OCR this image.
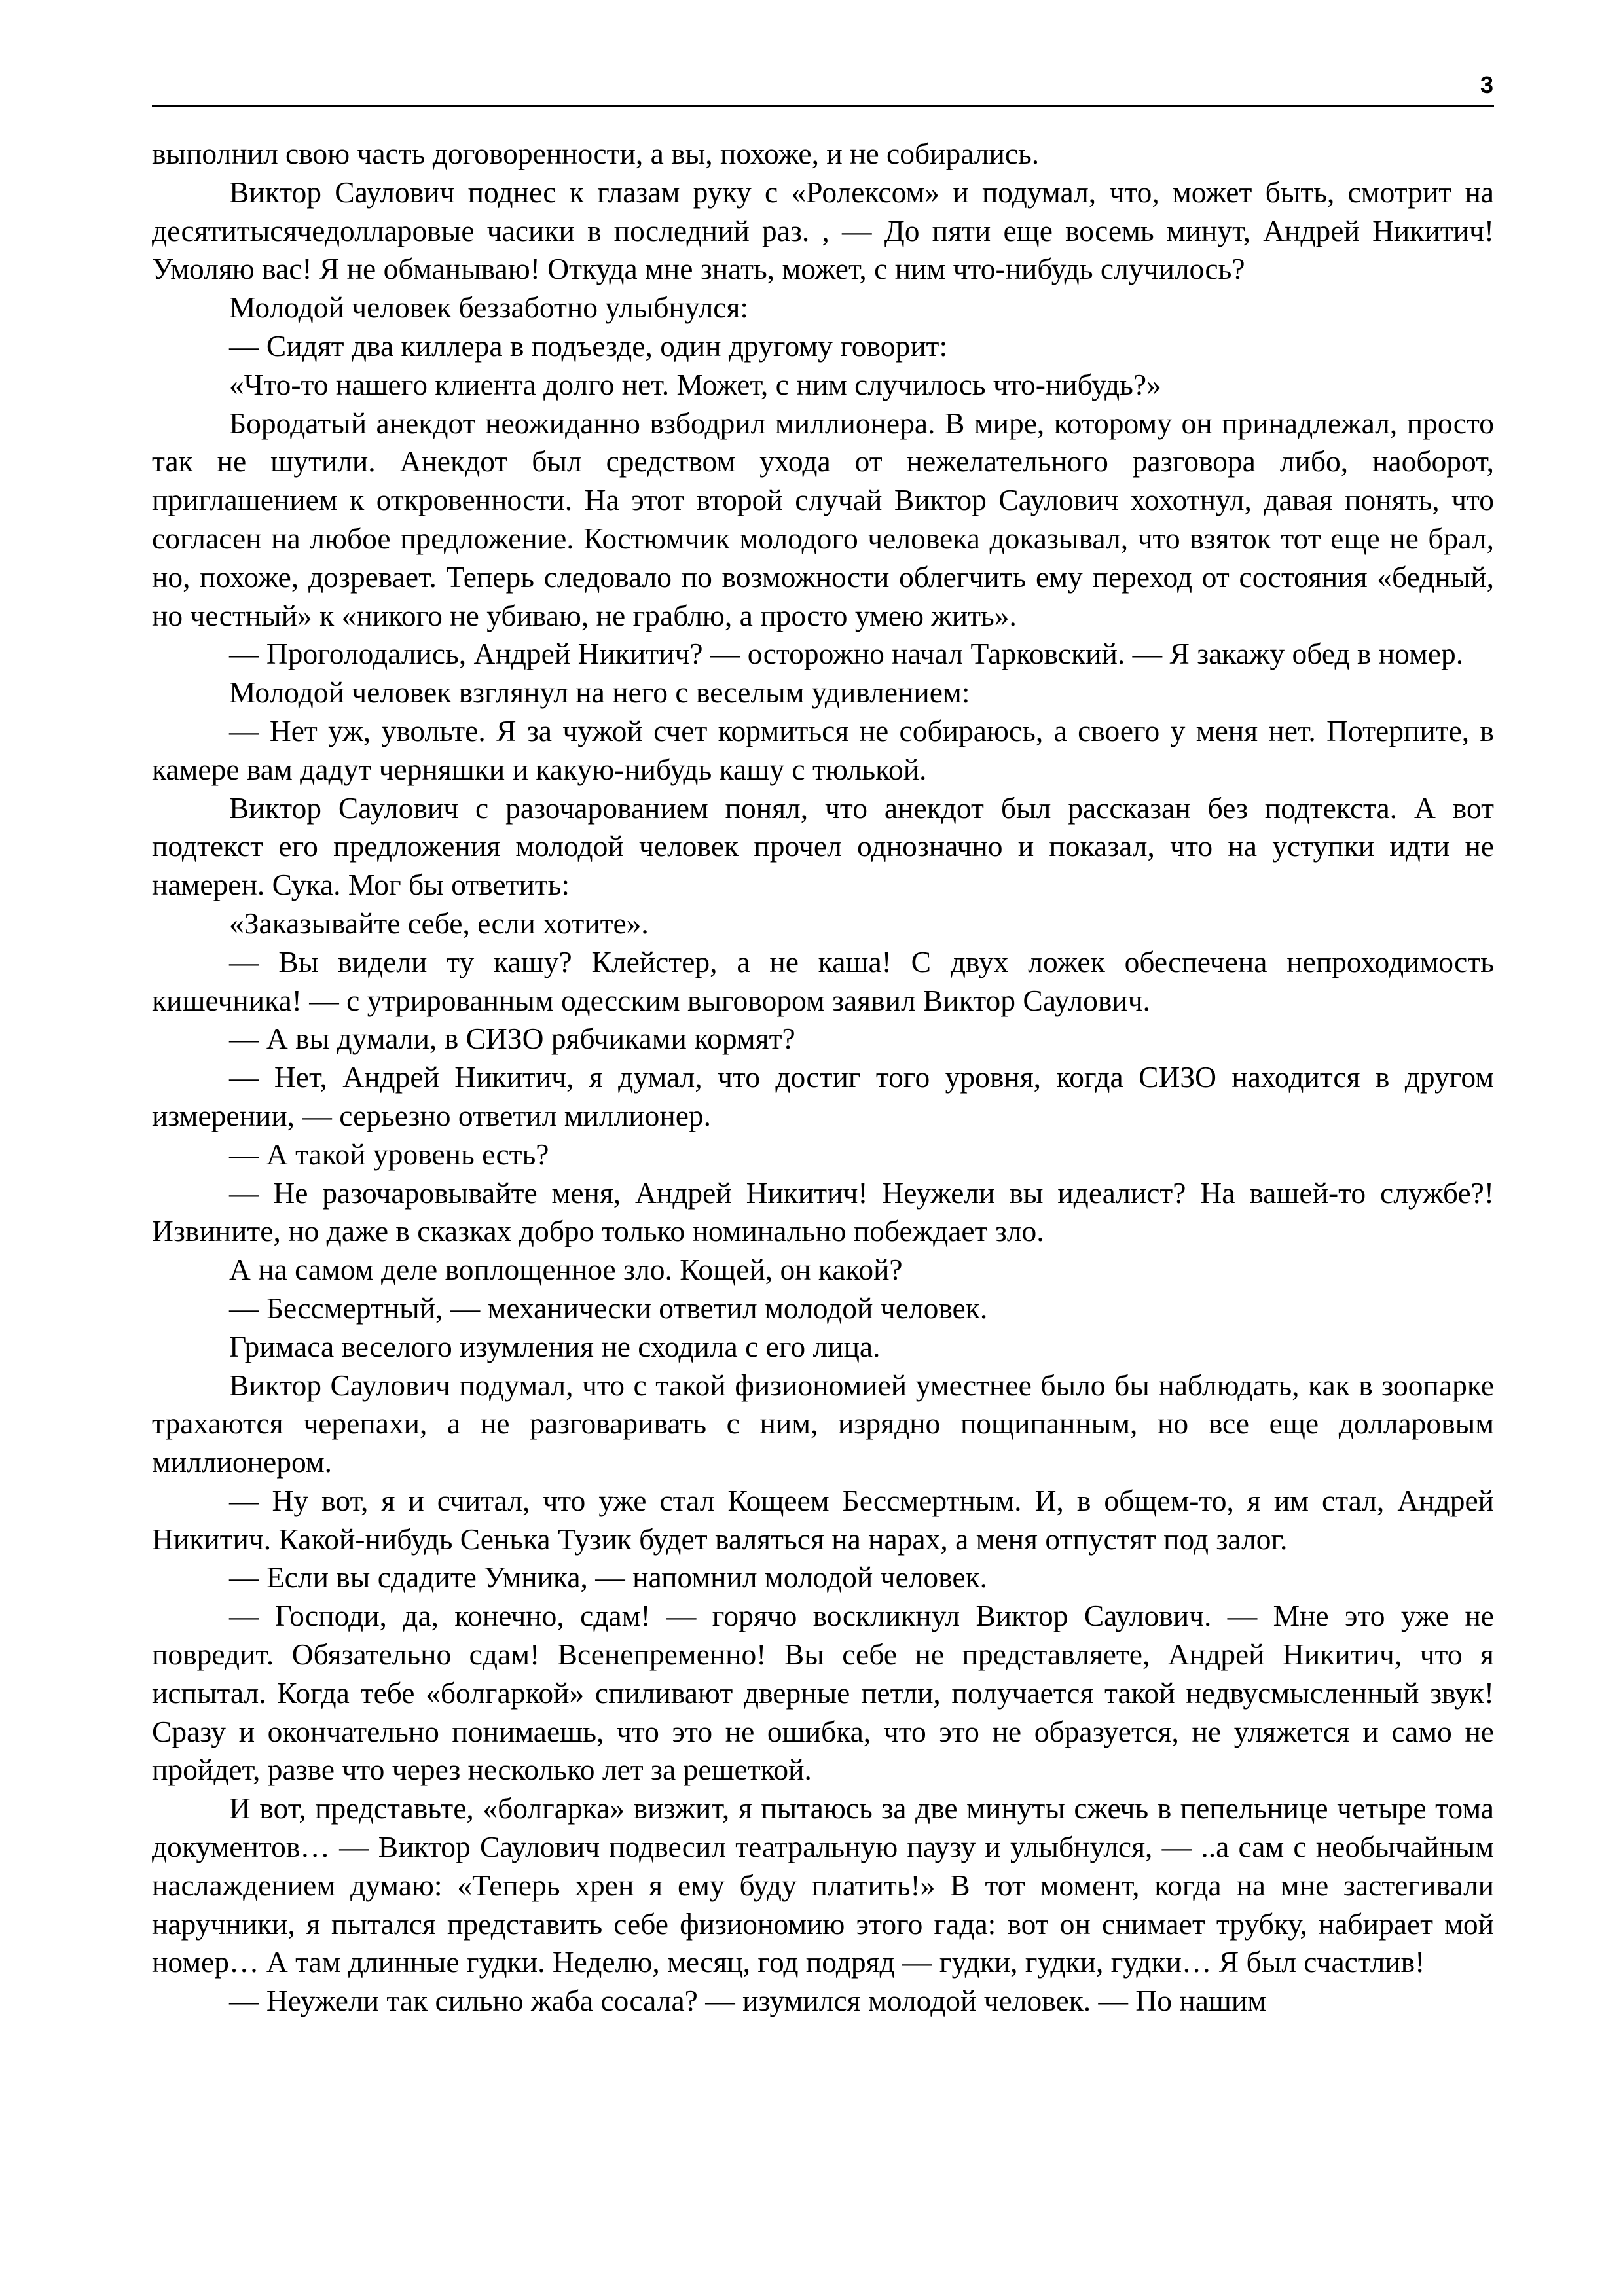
3

выполнил свою часть договоренности, а вы, похоже, и не собирались.

Виктор Саулович поднес к глазам руку с «Ролексом» и подумал, что, может быть, смотрит на десятитысячедолларовые часики в последний раз. , — До пяти еще восемь минут, Андрей Никитич! Умоляю вас! Я не обманываю! Откуда мне знать, может, с ним что-нибудь случилось?

Молодой человек беззаботно улыбнулся:

— Сидят два киллера в подъезде, один другому говорит:

«Что-то нашего клиента долго нет. Может, с ним случилось что-нибудь?»

Бородатый анекдот неожиданно взбодрил миллионера. В мире, которому он принадлежал, просто так не шутили. Анекдот был средством ухода от нежелательного разговора либо, наоборот, приглашением к откровенности. На этот второй случай Виктор Саулович хохотнул, давая понять, что согласен на любое предложение. Костюмчик молодого человека доказывал, что взяток тот еще не брал, но, похоже, дозревает. Теперь следовало по возможности облегчить ему переход от состояния «бедный, но честный» к «никого не убиваю, не граблю, а просто умею жить».

— Проголодались, Андрей Никитич? — осторожно начал Тарковский. — Я закажу обед в номер.

Молодой человек взглянул на него с веселым удивлением:

— Нет уж, увольте. Я за чужой счет кормиться не собираюсь, а своего у меня нет. Потерпите, в камере вам дадут черняшки и какую-нибудь кашу с тюлькой.

Виктор Саулович с разочарованием понял, что анекдот был рассказан без подтекста. А вот подтекст его предложения молодой человек прочел однозначно и показал, что на уступки идти не намерен. Сука. Мог бы ответить:

«Заказывайте себе, если хотите».

— Вы видели ту кашу? Клейстер, а не каша! С двух ложек обеспечена непроходимость кишечника! — с утрированным одесским выговором заявил Виктор Саулович.

— А вы думали, в СИЗО рябчиками кормят?

— Нет, Андрей Никитич, я думал, что достиг того уровня, когда СИЗО находится в другом измерении, — серьезно ответил миллионер.

— А такой уровень есть?

— Не разочаровывайте меня, Андрей Никитич! Неужели вы идеалист? На вашей-то службе?! Извините, но даже в сказках добро только номинально побеждает зло.

А на самом деле воплощенное зло. Кощей, он какой?

— Бессмертный, — механически ответил молодой человек.

Гримаса веселого изумления не сходила с его лица.

Виктор Саулович подумал, что с такой физиономией уместнее было бы наблюдать, как в зоопарке трахаются черепахи, а не разговаривать с ним, изрядно пощипанным, но все еще долларовым миллионером.

— Ну вот, я и считал, что уже стал Кощеем Бессмертным. И, в общем-то, я им стал, Андрей Никитич. Какой-нибудь Сенька Тузик будет валяться на нарах, а меня отпустят под залог.

— Если вы сдадите Умника, — напомнил молодой человек.

— Господи, да, конечно, сдам! — горячо воскликнул Виктор Саулович. — Мне это уже не повредит. Обязательно сдам! Всенепременно! Вы себе не представляете, Андрей Никитич, что я испытал. Когда тебе «болгаркой» спиливают дверные петли, получается такой недвусмысленный звук! Сразу и окончательно понимаешь, что это не ошибка, что это не образуется, не уляжется и само не пройдет, разве что через несколько лет за решеткой.

И вот, представьте, «болгарка» визжит, я пытаюсь за две минуты сжечь в пепельнице четыре тома документов… — Виктор Саулович подвесил театральную паузу и улыбнулся, — ..а сам с необычайным наслаждением думаю: «Теперь хрен я ему буду платить!» В тот момент, когда на мне застегивали наручники, я пытался представить себе физиономию этого гада: вот он снимает трубку, набирает мой номер… А там длинные гудки. Неделю, месяц, год подряд — гудки, гудки, гудки… Я был счастлив!

— Неужели так сильно жаба сосала? — изумился молодой человек. — По нашим
